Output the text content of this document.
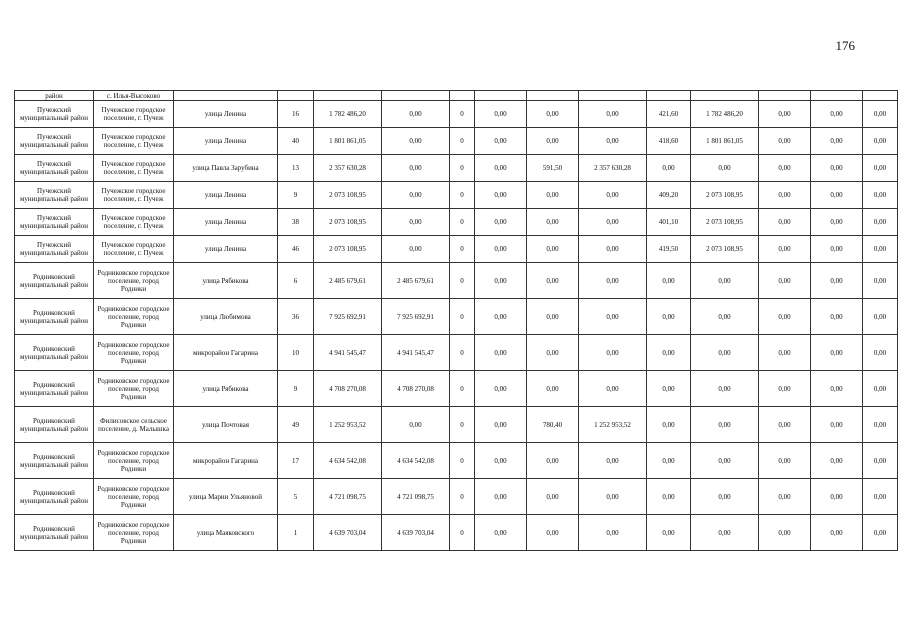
176
район	с. Илья-Высоково													
Пучежский муниципальный район	Пучежское городское поселение, г. Пучеж	улица Ленина	16	1 782 486,20	0,00	0	0,00	0,00	0,00	421,60	1 782 486,20	0,00	0,00	0,00
Пучежский муниципальный район	Пучежское городское поселение, г. Пучеж	улица Ленина	40	1 801 861,05	0,00	0	0,00	0,00	0,00	418,60	1 801 861,05	0,00	0,00	0,00
Пучежский муниципальный район	Пучежское городское поселение, г. Пучеж	улица Павла Зарубина	13	2 357 630,28	0,00	0	0,00	591,50	2 357 630,28	0,00	0,00	0,00	0,00	0,00
Пучежский муниципальный район	Пучежское городское поселение, г. Пучеж	улица Ленина	9	2 073 108,95	0,00	0	0,00	0,00	0,00	409,20	2 073 108,95	0,00	0,00	0,00
Пучежский муниципальный район	Пучежское городское поселение, г. Пучеж	улица Ленина	38	2 073 108,95	0,00	0	0,00	0,00	0,00	401,10	2 073 108,95	0,00	0,00	0,00
Пучежский муниципальный район	Пучежское городское поселение, г. Пучеж	улица Ленина	46	2 073 108,95	0,00	0	0,00	0,00	0,00	419,50	2 073 108,95	0,00	0,00	0,00
Родниковский муниципальный район	Родниковское городское поселение, город Родники	улица Рябикова	6	2 485 679,61	2 485 679,61	0	0,00	0,00	0,00	0,00	0,00	0,00	0,00	0,00
Родниковский муниципальный район	Родниковское городское поселение, город Родники	улица Любимова	36	7 925 692,91	7 925 692,91	0	0,00	0,00	0,00	0,00	0,00	0,00	0,00	0,00
Родниковский муниципальный район	Родниковское городское поселение, город Родники	микрорайон Гагарина	10	4 941 545,47	4 941 545,47	0	0,00	0,00	0,00	0,00	0,00	0,00	0,00	0,00
Родниковский муниципальный район	Родниковское городское поселение, город Родники	улица Рябикова	9	4 708 270,08	4 708 270,08	0	0,00	0,00	0,00	0,00	0,00	0,00	0,00	0,00
Родниковский муниципальный район	Филисовское сельское поселение, д. Малышка	улица Почтовая	49	1 252 953,52	0,00	0	0,00	780,40	1 252 953,52	0,00	0,00	0,00	0,00	0,00
Родниковский муниципальный район	Родниковское городское поселение, город Родники	микрорайон Гагарина	17	4 634 542,08	4 634 542,08	0	0,00	0,00	0,00	0,00	0,00	0,00	0,00	0,00
Родниковский муниципальный район	Родниковское городское поселение, город Родники	улица Марии Ульяновой	5	4 721 098,75	4 721 098,75	0	0,00	0,00	0,00	0,00	0,00	0,00	0,00	0,00
Родниковский муниципальный район	Родниковское городское поселение, город Родники	улица Маяковского	1	4 639 703,04	4 639 703,04	0	0,00	0,00	0,00	0,00	0,00	0,00	0,00	0,00
